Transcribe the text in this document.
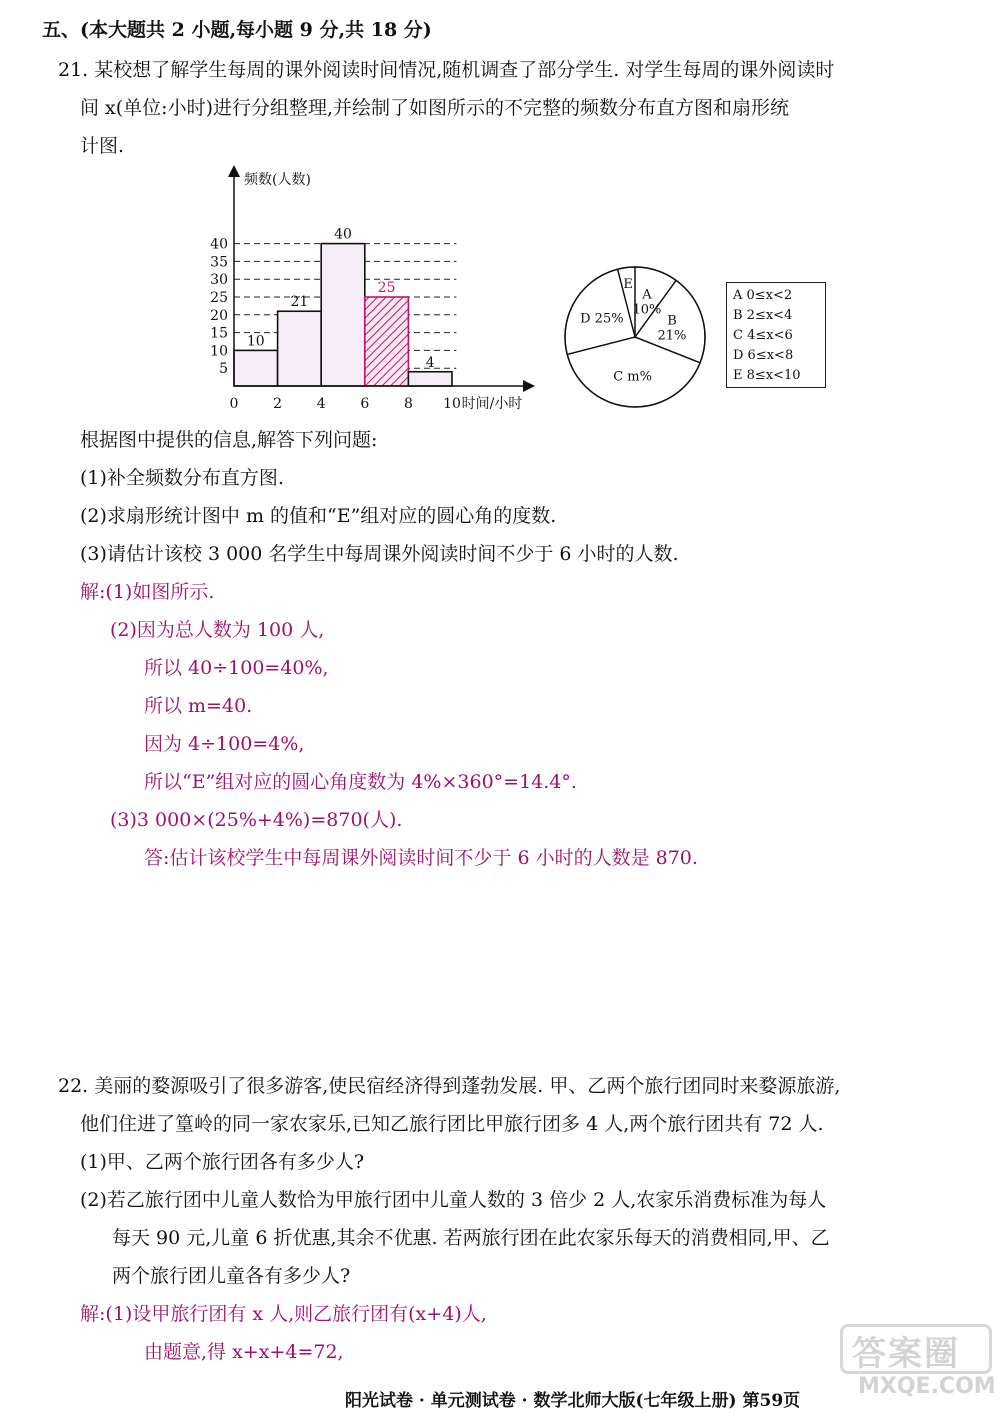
五、(本大题共 2 小题,每小题 9 分,共 18 分)
21. 某校想了解学生每周的课外阅读时间情况,随机调查了部分学生. 对学生每周的课外阅读时
间 x(单位:小时)进行分组整理,并绘制了如图所示的不完整的频数分布直方图和扇形统
计图.
5
10
15
20
25
30
35
40
10
21
40
25
4
0 2 4 6 8 10 时间/小时
频数(人数)
A 10%
B 21%
C m%
D 25%
E
A 0≤x<2
B 2≤x<4
C 4≤x<6
D 6≤x<8
E 8≤x<10
根据图中提供的信息,解答下列问题:
(1)补全频数分布直方图.
(2)求扇形统计图中 m 的值和“E”组对应的圆心角的度数.
(3)请估计该校 3 000 名学生中每周课外阅读时间不少于 6 小时的人数.
解:(1)如图所示.
(2)因为总人数为 100 人,
所以 40÷100=40%,
所以 m=40.
因为 4÷100=4%,
所以“E”组对应的圆心角度数为 4%×360°=14.4°.
(3)3 000×(25%+4%)=870(人).
答:估计该校学生中每周课外阅读时间不少于 6 小时的人数是 870.
22. 美丽的婺源吸引了很多游客,使民宿经济得到蓬勃发展. 甲、乙两个旅行团同时来婺源旅游,
他们住进了篁岭的同一家农家乐,已知乙旅行团比甲旅行团多 4 人,两个旅行团共有 72 人.
(1)甲、乙两个旅行团各有多少人?
(2)若乙旅行团中儿童人数恰为甲旅行团中儿童人数的 3 倍少 2 人,农家乐消费标准为每人
每天 90 元,儿童 6 折优惠,其余不优惠. 若两旅行团在此农家乐每天的消费相同,甲、乙
两个旅行团儿童各有多少人?
解:(1)设甲旅行团有 x 人,则乙旅行团有(x+4)人,
由题意,得 x+x+4=72,	答案圈
MXQE.COM
阳光试卷 · 单元测试卷 · 数学北师大版(七年级上册) 第59页
